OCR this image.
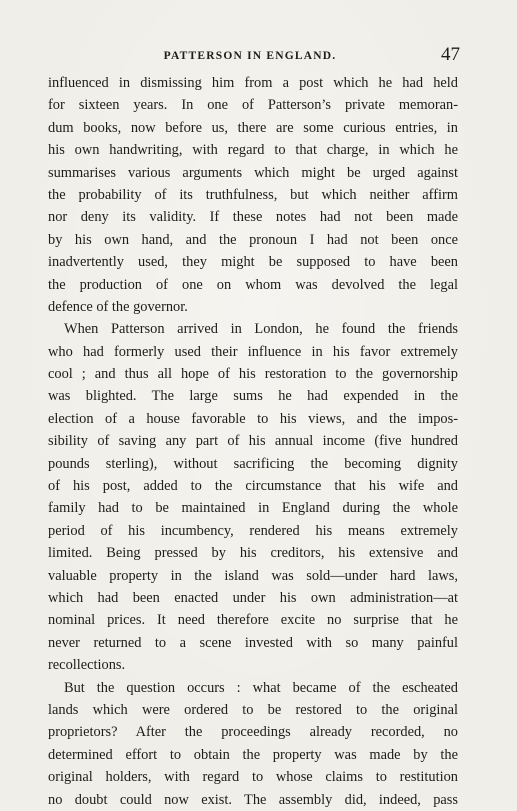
PATTERSON IN ENGLAND.	47
influenced in dismissing him from a post which he had held
for sixteen years. In one of Patterson’s private memoran-
dum books, now before us, there are some curious entries, in
his own handwriting, with regard to that charge, in which he
summarises various arguments which might be urged against
the probability of its truthfulness, but which neither affirm
nor deny its validity. If these notes had not been made
by his own hand, and the pronoun I had not been once
inadvertently used, they might be supposed to have been
the production of one on whom was devolved the legal
defence of the governor.
When Patterson arrived in London, he found the friends
who had formerly used their influence in his favor extremely
cool ; and thus all hope of his restoration to the governorship
was blighted. The large sums he had expended in the
election of a house favorable to his views, and the impos-
sibility of saving any part of his annual income (five hundred
pounds sterling), without sacrificing the becoming dignity
of his post, added to the circumstance that his wife and
family had to be maintained in England during the whole
period of his incumbency, rendered his means extremely
limited. Being pressed by his creditors, his extensive and
valuable property in the island was sold—under hard laws,
which had been enacted under his own administration—at
nominal prices. It need therefore excite no surprise that he
never returned to a scene invested with so many painful
recollections.
But the question occurs : what became of the escheated
lands which were ordered to be restored to the original
proprietors? After the proceedings already recorded, no
determined effort to obtain the property was made by the
original holders, with regard to whose claims to restitution
no doubt could now exist. The assembly did, indeed, pass
